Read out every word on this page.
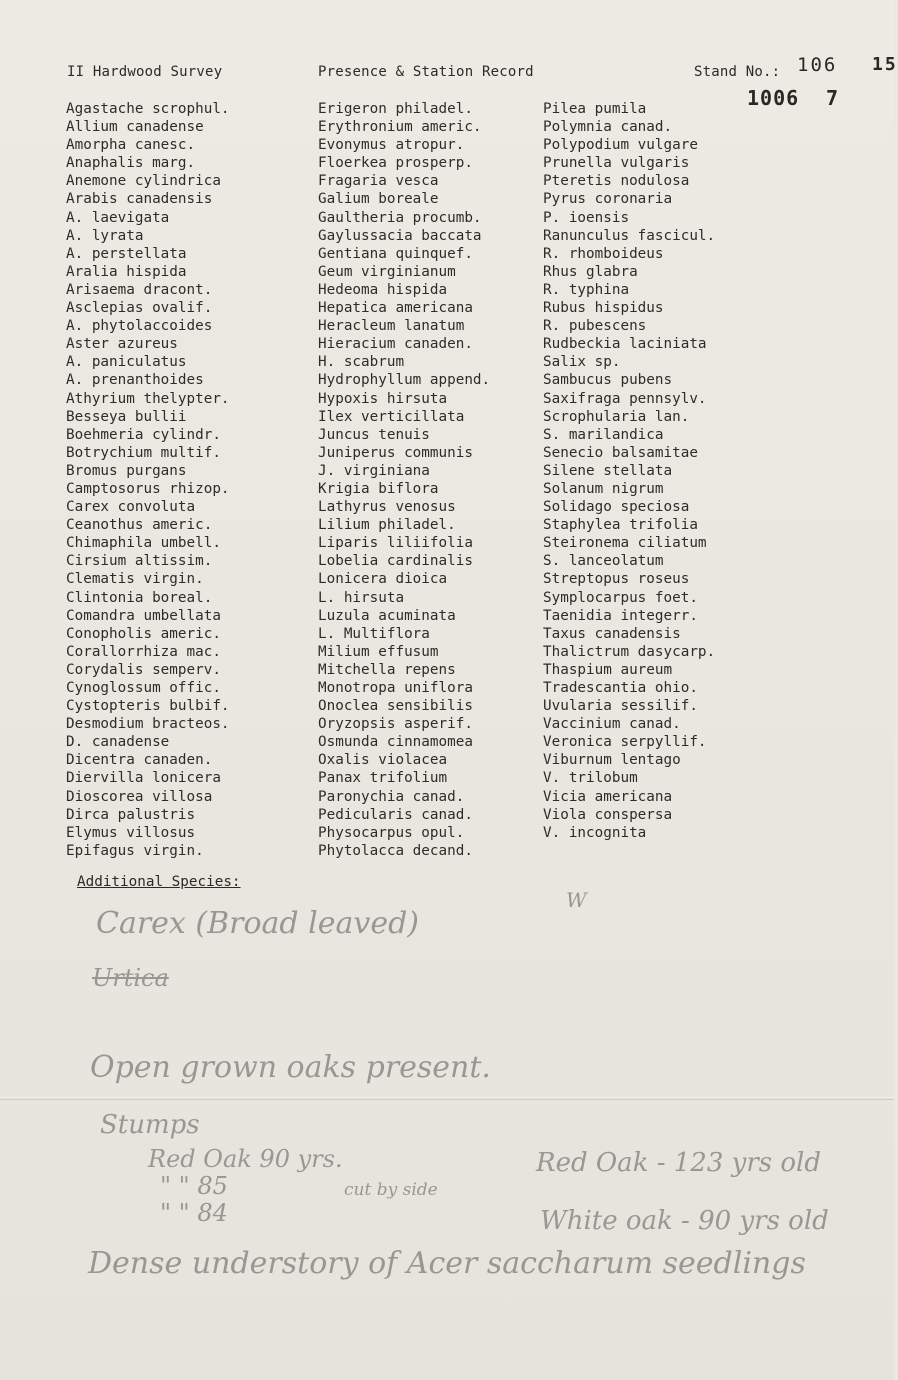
II Hardwood Survey	Presence & Station Record	Stand No.: 106 15
1006 7
Agastache scrophul.
Allium canadense
Amorpha canesc.
Anaphalis marg.
Anemone cylindrica
Arabis canadensis
A. laevigata
A. lyrata
A. perstellata
Aralia hispida
Arisaema dracont.
Asclepias ovalif.
A. phytolaccoides
Aster azureus
A. paniculatus
A. prenanthoides
Athyrium thelypter.
Besseya bullii
Boehmeria cylindr.
Botrychium multif.
Bromus purgans
Camptosorus rhizop.
Carex convoluta
Ceanothus americ.
Chimaphila umbell.
Cirsium altissim.
Clematis virgin.
Clintonia boreal.
Comandra umbellata
Conopholis americ.
Corallorrhiza mac.
Corydalis semperv.
Cynoglossum offic.
Cystopteris bulbif.
Desmodium bracteos.
D. canadense
Dicentra canaden.
Diervilla lonicera
Dioscorea villosa
Dirca palustris
Elymus villosus
Epifagus virgin.
Erigeron philadel.
Erythronium americ.
Evonymus atropur.
Floerkea prosperp.
Fragaria vesca
Galium boreale
Gaultheria procumb.
Gaylussacia baccata
Gentiana quinquef.
Geum virginianum
Hedeoma hispida
Hepatica americana
Heracleum lanatum
Hieracium canaden.
H. scabrum
Hydrophyllum append.
Hypoxis hirsuta
Ilex verticillata
Juncus tenuis
Juniperus communis
J. virginiana
Krigia biflora
Lathyrus venosus
Lilium philadel.
Liparis liliifolia
Lobelia cardinalis
Lonicera dioica
L. hirsuta
Luzula acuminata
L. Multiflora
Milium effusum
Mitchella repens
Monotropa uniflora
Onoclea sensibilis
Oryzopsis asperif.
Osmunda cinnamomea
Oxalis violacea
Panax trifolium
Paronychia canad.
Pedicularis canad.
Physocarpus opul.
Phytolacca decand.
Pilea pumila
Polymnia canad.
Polypodium vulgare
Prunella vulgaris
Pteretis nodulosa
Pyrus coronaria
P. ioensis
Ranunculus fascicul.
R. rhomboideus
Rhus glabra
R. typhina
Rubus hispidus
R. pubescens
Rudbeckia laciniata
Salix sp.
Sambucus pubens
Saxifraga pennsylv.
Scrophularia lan.
S. marilandica
Senecio balsamitae
Silene stellata
Solanum nigrum
Solidago speciosa
Staphylea trifolia
Steironema ciliatum
S. lanceolatum
Streptopus roseus
Symplocarpus foet.
Taenidia integerr.
Taxus canadensis
Thalictrum dasycarp.
Thaspium aureum
Tradescantia ohio.
Uvularia sessilif.
Vaccinium canad.
Veronica serpyllif.
Viburnum lentago
V. trilobum
Vicia americana
Viola conspersa
V. incognita
Additional Species:
Carex (Broad leaved)
Urtica
W
Open grown oaks present.
Stumps
Red Oak 90 yrs.
" " 85	cut by side
" " 84
Red Oak - 123 yrs old
White oak - 90 yrs old
Dense understory of Acer saccharum seedlings
